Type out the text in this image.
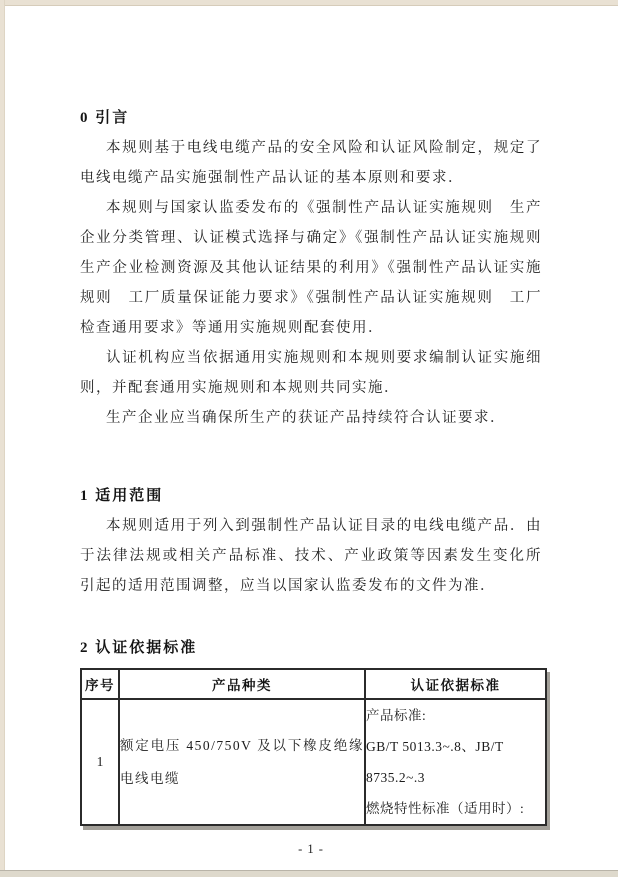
0 引言

本规则基于电线电缆产品的安全风险和认证风险制定，规定了电线电缆产品实施强制性产品认证的基本原则和要求．

本规则与国家认监委发布的《强制性产品认证实施规则　生产企业分类管理、认证模式选择与确定》《强制性产品认证实施规则　生产企业检测资源及其他认证结果的利用》《强制性产品认证实施规则　工厂质量保证能力要求》《强制性产品认证实施规则　工厂检查通用要求》等通用实施规则配套使用．

认证机构应当依据通用实施规则和本规则要求编制认证实施细则，并配套通用实施规则和本规则共同实施．

生产企业应当确保所生产的获证产品持续符合认证要求．

1 适用范围

本规则适用于列入到强制性产品认证目录的电线电缆产品．由于法律法规或相关产品标准、技术、产业政策等因素发生变化所引起的适用范围调整，应当以国家认监委发布的文件为准．

2 认证依据标准
序号	产品种类	认证依据标准
1	额定电压 450/750V 及以下橡皮绝缘电线电缆	产品标准:
GB/T 5013.3~.8、JB/T 8735.2~.3
燃烧特性标准（适用时）:
- 1 -
